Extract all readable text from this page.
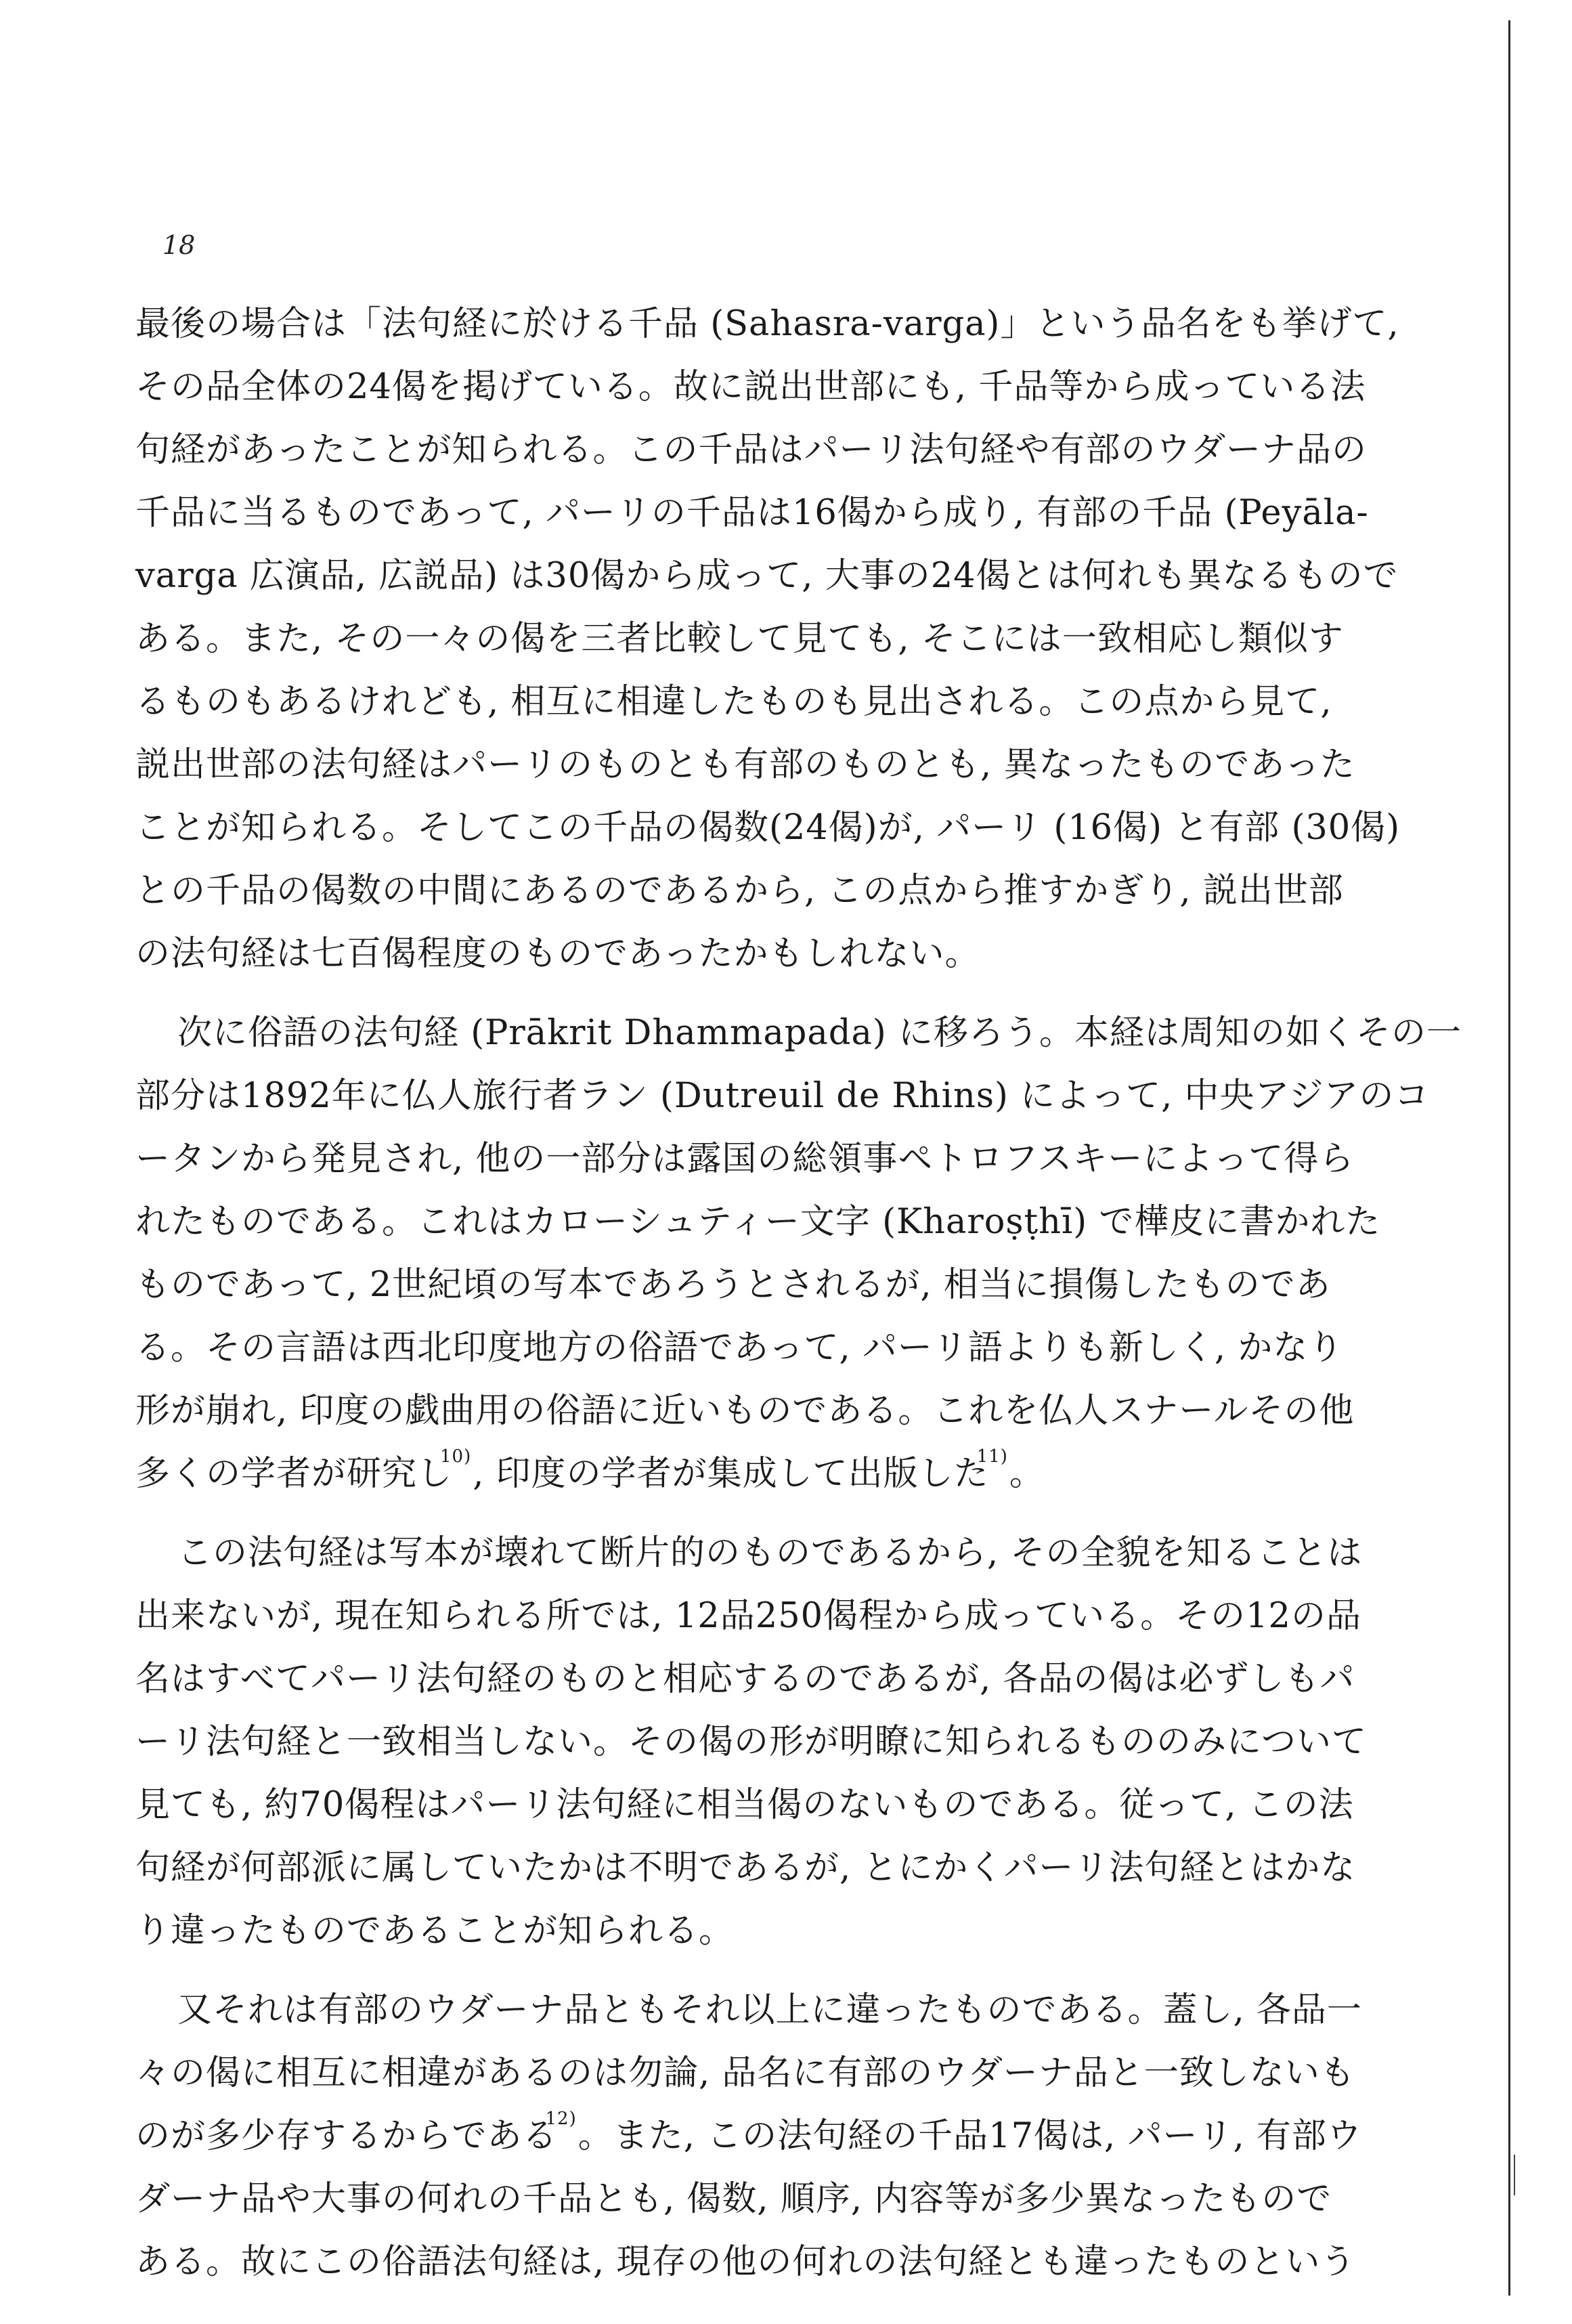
18
最後の場合は「法句経に於ける千品 (Sahasra-varga)」という品名をも挙げて,
その品全体の24偈を掲げている。故に説出世部にも, 千品等から成っている法
句経があったことが知られる。この千品はパーリ法句経や有部のウダーナ品の
千品に当るものであって, パーリの千品は16偈から成り, 有部の千品 (Peyāla-
varga 広演品, 広説品) は30偈から成って, 大事の24偈とは何れも異なるもので
ある。また, その一々の偈を三者比較して見ても, そこには一致相応し類似す
るものもあるけれども, 相互に相違したものも見出される。この点から見て,
説出世部の法句経はパーリのものとも有部のものとも, 異なったものであった
ことが知られる。そしてこの千品の偈数(24偈)が, パーリ (16偈) と有部 (30偈)
との千品の偈数の中間にあるのであるから, この点から推すかぎり, 説出世部
の法句経は七百偈程度のものであったかもしれない。
次に俗語の法句経 (Prākrit Dhammapada) に移ろう。本経は周知の如くその一
部分は1892年に仏人旅行者ラン (Dutreuil de Rhins) によって, 中央アジアのコ
ータンから発見され, 他の一部分は露国の総領事ペトロフスキーによって得ら
れたものである。これはカローシュティー文字 (Kharoṣṭhī) で樺皮に書かれた
ものであって, 2世紀頃の写本であろうとされるが, 相当に損傷したものであ
る。その言語は西北印度地方の俗語であって, パーリ語よりも新しく, かなり
形が崩れ, 印度の戯曲用の俗語に近いものである。これを仏人スナールその他
多くの学者が研究し$^{10)}$, 印度の学者が集成して出版した$^{11)}$。
この法句経は写本が壊れて断片的のものであるから, その全貌を知ることは
出来ないが, 現在知られる所では, 12品250偈程から成っている。その12の品
名はすべてパーリ法句経のものと相応するのであるが, 各品の偈は必ずしもパ
ーリ法句経と一致相当しない。その偈の形が明瞭に知られるもののみについて
見ても, 約70偈程はパーリ法句経に相当偈のないものである。従って, この法
句経が何部派に属していたかは不明であるが, とにかくパーリ法句経とはかな
り違ったものであることが知られる。
又それは有部のウダーナ品ともそれ以上に違ったものである。蓋し, 各品一
々の偈に相互に相違があるのは勿論, 品名に有部のウダーナ品と一致しないも
のが多少存するからである$^{12)}$。また, この法句経の千品17偈は, パーリ, 有部ウ
ダーナ品や大事の何れの千品とも, 偈数, 順序, 内容等が多少異なったもので
ある。故にこの俗語法句経は, 現存の他の何れの法句経とも違ったものという
